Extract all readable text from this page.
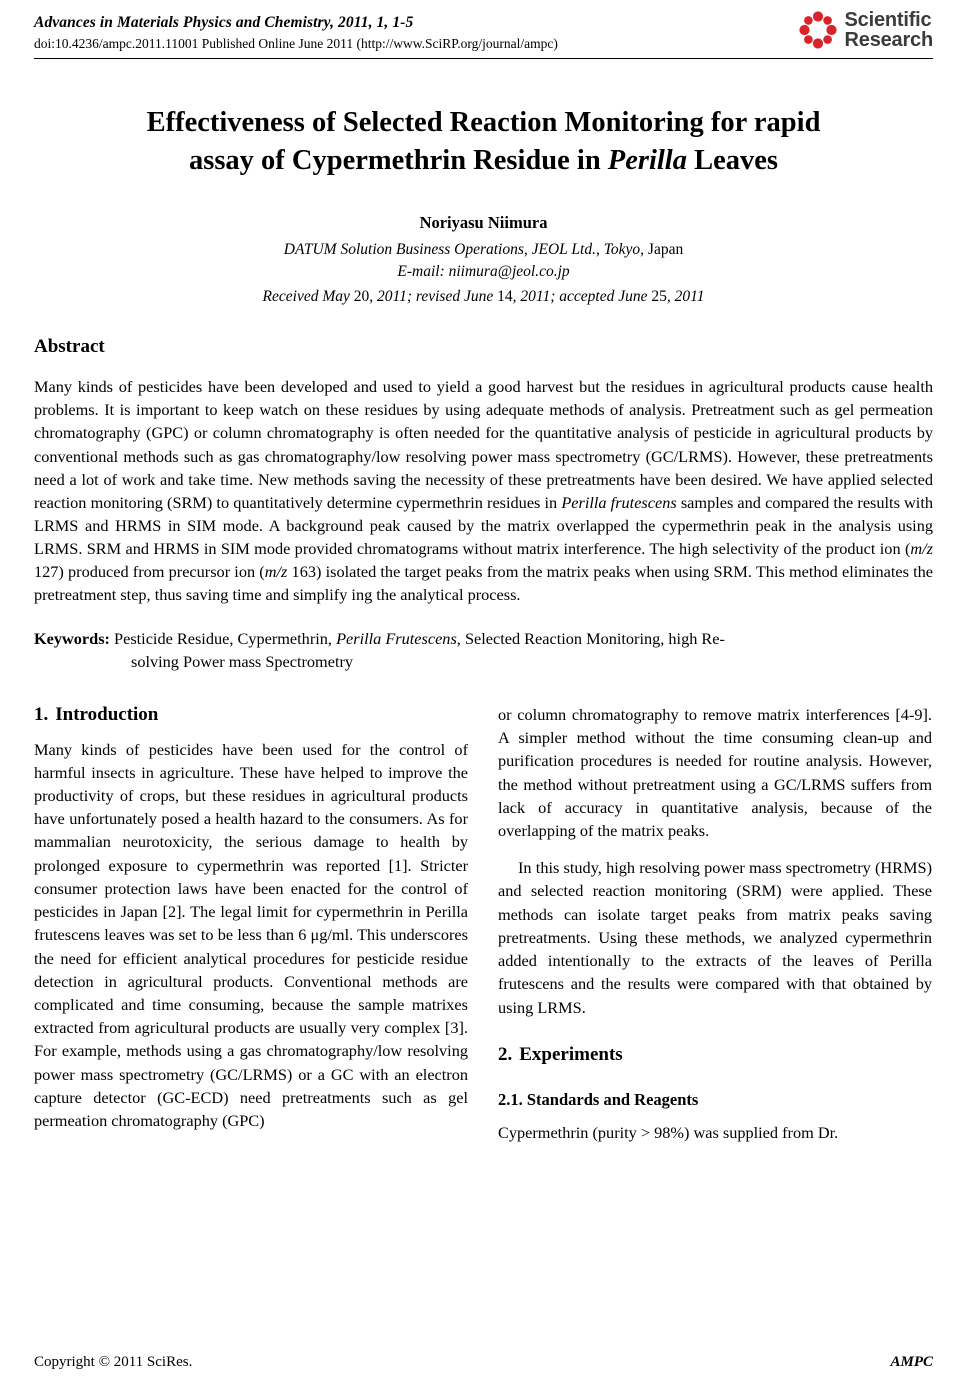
Advances in Materials Physics and Chemistry, 2011, 1, 1-5
doi:10.4236/ampc.2011.11001 Published Online June 2011 (http://www.SciRP.org/journal/ampc)
Scientific
Research
Effectiveness of Selected Reaction Monitoring for rapid
assay of Cypermethrin Residue in Perilla Leaves
Noriyasu Niimura
DATUM Solution Business Operations, JEOL Ltd., Tokyo, Japan
E-mail: niimura@jeol.co.jp
Received May 20, 2011; revised June 14, 2011; accepted June 25, 2011
Abstract
Many kinds of pesticides have been developed and used to yield a good harvest but the residues in agricultural products cause health problems. It is important to keep watch on these residues by using adequate methods of analysis. Pretreatment such as gel permeation chromatography (GPC) or column chromatography is often needed for the quantitative analysis of pesticide in agricultural products by conventional methods such as gas chromatography/low resolving power mass spectrometry (GC/LRMS). However, these pretreatments need a lot of work and take time. New methods saving the necessity of these pretreatments have been desired. We have applied selected reaction monitoring (SRM) to quantitatively determine cypermethrin residues in Perilla frutescens samples and compared the results with LRMS and HRMS in SIM mode. A background peak caused by the matrix overlapped the cypermethrin peak in the analysis using LRMS. SRM and HRMS in SIM mode provided chromatograms without matrix interference. The high selectivity of the product ion (m/z 127) produced from precursor ion (m/z 163) isolated the target peaks from the matrix peaks when using SRM. This method eliminates the pretreatment step, thus saving time and simplify ing the analytical process.
Keywords: Pesticide Residue, Cypermethrin, Perilla Frutescens, Selected Reaction Monitoring, high Re-
solving Power mass Spectrometry
1. Introduction

Many kinds of pesticides have been used for the control of harmful insects in agriculture. These have helped to improve the productivity of crops, but these residues in agricultural products have unfortunately posed a health hazard to the consumers. As for mammalian neurotoxicity, the serious damage to health by prolonged exposure to cypermethrin was reported [1]. Stricter consumer protection laws have been enacted for the control of pesticides in Japan [2]. The legal limit for cypermethrin in Perilla frutescens leaves was set to be less than 6 μg/ml. This underscores the need for efficient analytical procedures for pesticide residue detection in agricultural products. Conventional methods are complicated and time consuming, because the sample matrixes extracted from agricultural products are usually very complex [3]. For example, methods using a gas chromatography/low resolving power mass spectrometry (GC/LRMS) or a GC with an electron capture detector (GC-ECD) need pretreatments such as gel permeation chromatography (GPC)

or column chromatography to remove matrix interferences [4-9]. A simpler method without the time consuming clean-up and purification procedures is needed for routine analysis. However, the method without pretreatment using a GC/LRMS suffers from lack of accuracy in quantitative analysis, because of the overlapping of the matrix peaks.

In this study, high resolving power mass spectrometry (HRMS) and selected reaction monitoring (SRM) were applied. These methods can isolate target peaks from matrix peaks saving pretreatments. Using these methods, we analyzed cypermethrin added intentionally to the extracts of the leaves of Perilla frutescens and the results were compared with that obtained by using LRMS.

2. Experiments
2.1. Standards and Reagents

Cypermethrin (purity > 98%) was supplied from Dr.

Copyright © 2011 SciRes.	AMPC
